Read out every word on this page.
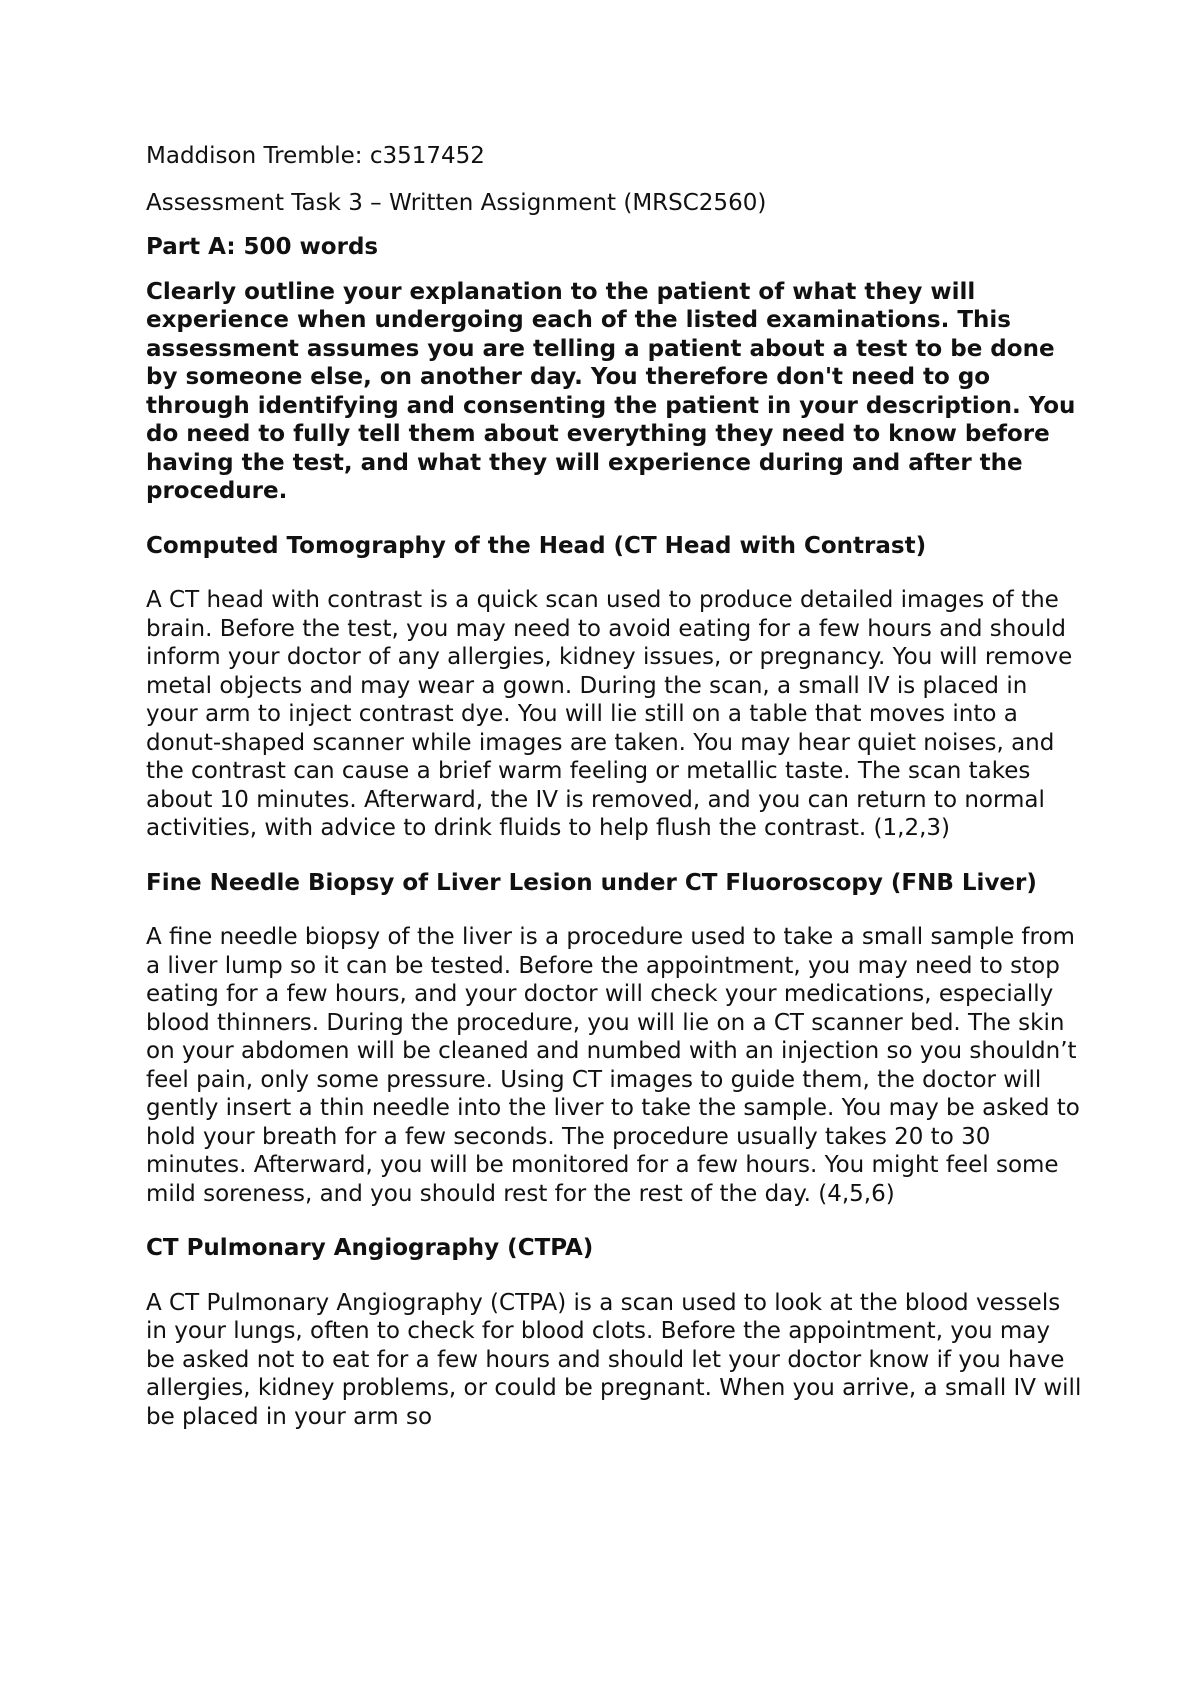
Maddison Tremble: c3517452

Assessment Task 3 – Written Assignment (MRSC2560)

Part A: 500 words

Clearly outline your explanation to the patient of what they will experience when undergoing each of the listed examinations. This assessment assumes you are telling a patient about a test to be done by someone else, on another day. You therefore don't need to go through identifying and consenting the patient in your description. You do need to fully tell them about everything they need to know before having the test, and what they will experience during and after the procedure.

Computed Tomography of the Head (CT Head with Contrast)

A CT head with contrast is a quick scan used to produce detailed images of the brain. Before the test, you may need to avoid eating for a few hours and should inform your doctor of any allergies, kidney issues, or pregnancy. You will remove metal objects and may wear a gown. During the scan, a small IV is placed in your arm to inject contrast dye. You will lie still on a table that moves into a donut-shaped scanner while images are taken. You may hear quiet noises, and the contrast can cause a brief warm feeling or metallic taste. The scan takes about 10 minutes. Afterward, the IV is removed, and you can return to normal activities, with advice to drink fluids to help flush the contrast. (1,2,3)

Fine Needle Biopsy of Liver Lesion under CT Fluoroscopy (FNB Liver)

A fine needle biopsy of the liver is a procedure used to take a small sample from a liver lump so it can be tested. Before the appointment, you may need to stop eating for a few hours, and your doctor will check your medications, especially blood thinners. During the procedure, you will lie on a CT scanner bed. The skin on your abdomen will be cleaned and numbed with an injection so you shouldn’t feel pain, only some pressure. Using CT images to guide them, the doctor will gently insert a thin needle into the liver to take the sample. You may be asked to hold your breath for a few seconds. The procedure usually takes 20 to 30 minutes. Afterward, you will be monitored for a few hours. You might feel some mild soreness, and you should rest for the rest of the day. (4,5,6)

CT Pulmonary Angiography (CTPA)

A CT Pulmonary Angiography (CTPA) is a scan used to look at the blood vessels in your lungs, often to check for blood clots. Before the appointment, you may be asked not to eat for a few hours and should let your doctor know if you have allergies, kidney problems, or could be pregnant. When you arrive, a small IV will be placed in your arm so
